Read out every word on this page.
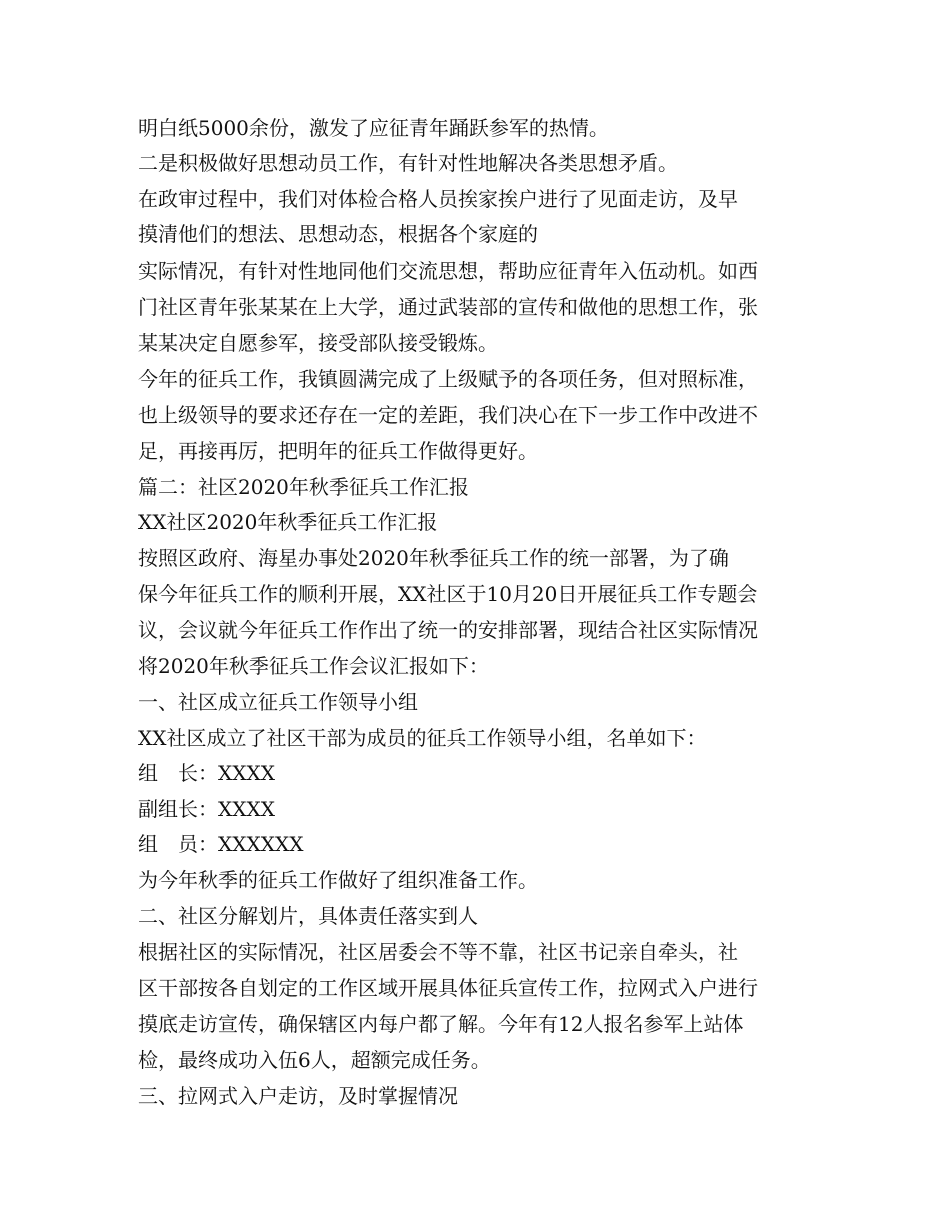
明白纸5000余份，激发了应征青年踊跃参军的热情。

二是积极做好思想动员工作，有针对性地解决各类思想矛盾。

在政审过程中，我们对体检合格人员挨家挨户进行了见面走访，及早

摸清他们的想法、思想动态，根据各个家庭的

实际情况，有针对性地同他们交流思想，帮助应征青年入伍动机。如西

门社区青年张某某在上大学，通过武装部的宣传和做他的思想工作，张

某某决定自愿参军，接受部队接受锻炼。

今年的征兵工作，我镇圆满完成了上级赋予的各项任务，但对照标准，

也上级领导的要求还存在一定的差距，我们决心在下一步工作中改进不

足，再接再厉，把明年的征兵工作做得更好。

篇二：社区2020年秋季征兵工作汇报

XX社区2020年秋季征兵工作汇报

按照区政府、海星办事处2020年秋季征兵工作的统一部署，为了确

保今年征兵工作的顺利开展，XX社区于10月20日开展征兵工作专题会

议，会议就今年征兵工作作出了统一的安排部署，现结合社区实际情况

将2020年秋季征兵工作会议汇报如下：

一、社区成立征兵工作领导小组

XX社区成立了社区干部为成员的征兵工作领导小组，名单如下：

组　长：XXXX

副组长：XXXX

组　员：XXXXXX

为今年秋季的征兵工作做好了组织准备工作。

二、社区分解划片，具体责任落实到人

根据社区的实际情况，社区居委会不等不靠，社区书记亲自牵头，社

区干部按各自划定的工作区域开展具体征兵宣传工作，拉网式入户进行

摸底走访宣传，确保辖区内每户都了解。今年有12人报名参军上站体

检，最终成功入伍6人，超额完成任务。

三、拉网式入户走访，及时掌握情况
